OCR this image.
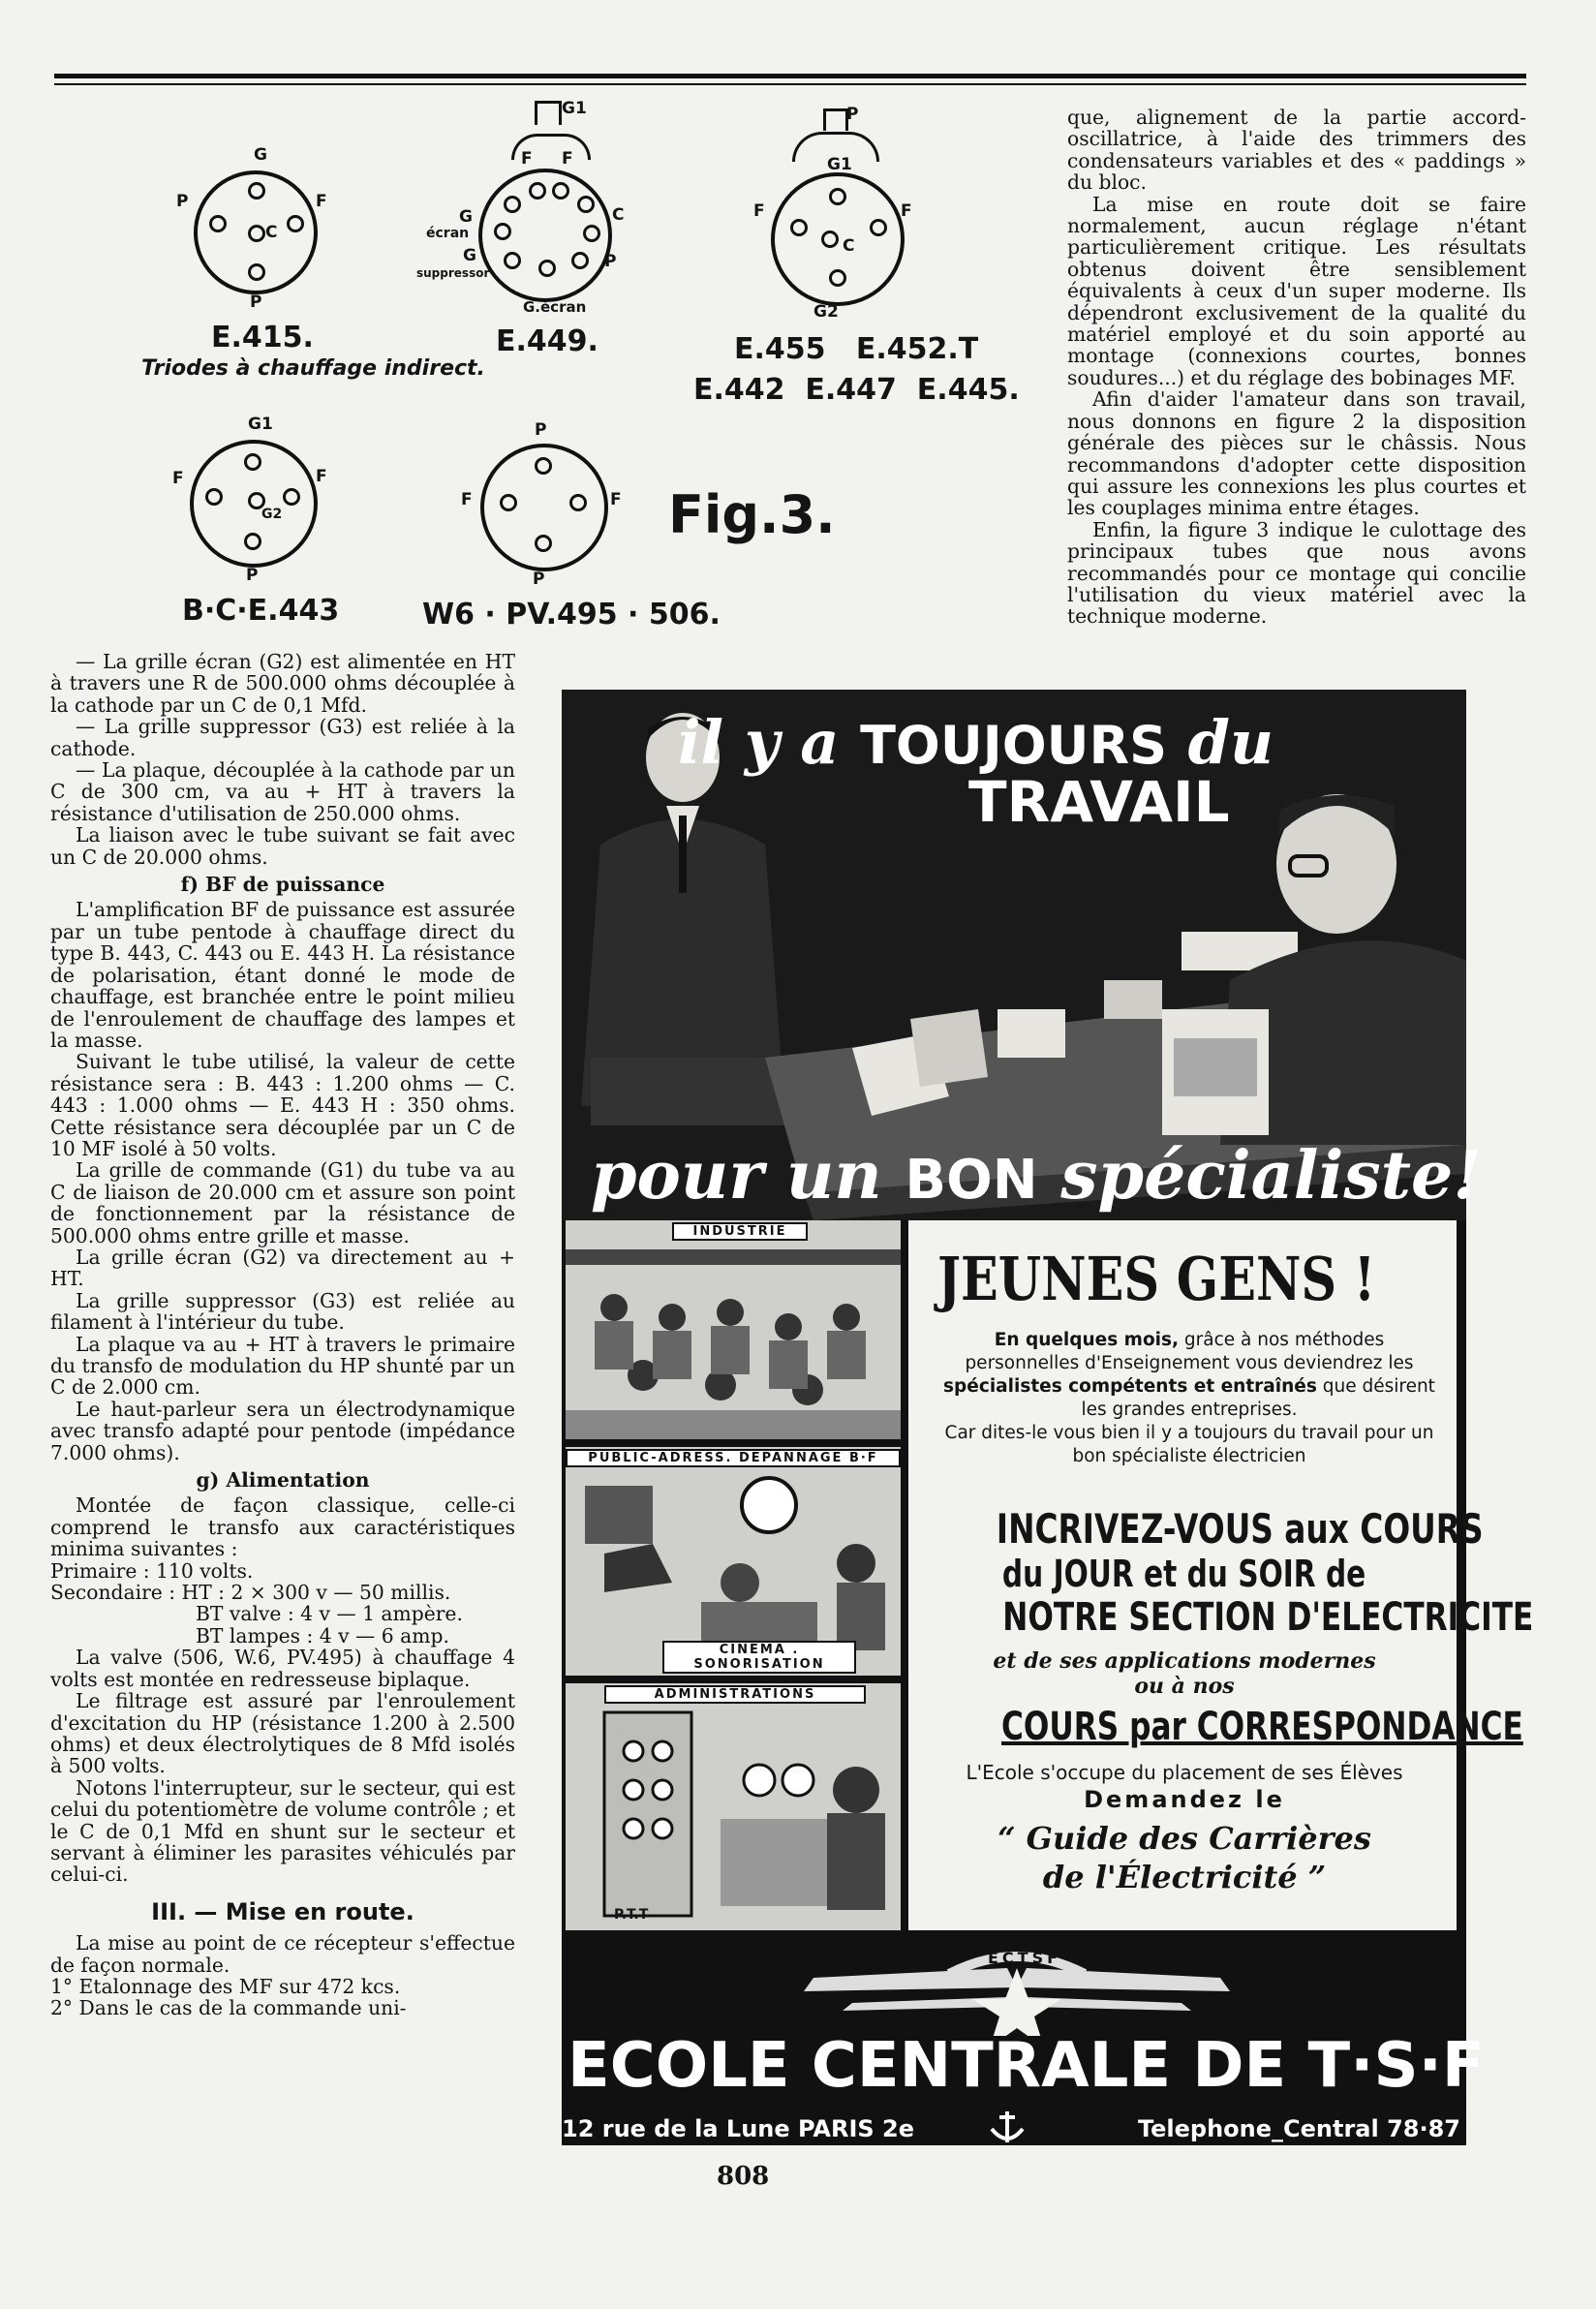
G
P	F
C
P
E.415.
Triodes à chauffage indirect.
G1
F F
G
écran
G
suppressor
C
P
G.écran
E.449.
P
G1
F	F
C
G2
E.455   E.452.T
E.442  E.447  E.445.
G1
F	F
G2
P
B·C·E.443
P
F	F
P
W6 · PV.495 · 506.
Fig.3.

que, alignement de la partie accord-oscillatrice, à l'aide des trimmers des condensateurs variables et des « paddings » du bloc.

La mise en route doit se faire normalement, aucun réglage n'étant particulièrement critique. Les résultats obtenus doivent être sensiblement équivalents à ceux d'un super moderne. Ils dépendront exclusivement de la qualité du matériel employé et du soin apporté au montage (connexions courtes, bonnes soudures...) et du réglage des bobinages MF.

Afin d'aider l'amateur dans son travail, nous donnons en figure 2 la disposition générale des pièces sur le châssis. Nous recommandons d'adopter cette disposition qui assure les connexions les plus courtes et les couplages minima entre étages.

Enfin, la figure 3 indique le culottage des principaux tubes que nous avons recommandés pour ce montage qui concilie l'utilisation du vieux matériel avec la technique moderne.

— La grille écran (G2) est alimentée en HT à travers une R de 500.000 ohms découplée à la cathode par un C de 0,1 Mfd.

— La grille suppressor (G3) est reliée à la cathode.

— La plaque, découplée à la cathode par un C de 300 cm, va au + HT à travers la résistance d'utilisation de 250.000 ohms.

La liaison avec le tube suivant se fait avec un C de 20.000 ohms.

f) BF de puissance

L'amplification BF de puissance est assurée par un tube pentode à chauffage direct du type B. 443, C. 443 ou E. 443 H. La résistance de polarisation, étant donné le mode de chauffage, est branchée entre le point milieu de l'enroulement de chauffage des lampes et la masse.

Suivant le tube utilisé, la valeur de cette résistance sera : B. 443 : 1.200 ohms — C. 443 : 1.000 ohms — E. 443 H : 350 ohms. Cette résistance sera découplée par un C de 10 MF isolé à 50 volts.

La grille de commande (G1) du tube va au C de liaison de 20.000 cm et assure son point de fonctionnement par la résistance de 500.000 ohms entre grille et masse.

La grille écran (G2) va directement au + HT.

La grille suppressor (G3) est reliée au filament à l'intérieur du tube.

La plaque va au + HT à travers le primaire du transfo de modulation du HP shunté par un C de 2.000 cm.

Le haut-parleur sera un électrodynamique avec transfo adapté pour pentode (impédance 7.000 ohms).

g) Alimentation

Montée de façon classique, celle-ci comprend le transfo aux caractéristiques minima suivantes :

Primaire : 110 volts.

Secondaire : HT : 2 × 300 v — 50 millis.

BT valve : 4 v — 1 ampère.

BT lampes : 4 v — 6 amp.

La valve (506, W.6, PV.495) à chauffage 4 volts est montée en redresseuse biplaque.

Le filtrage est assuré par l'enroulement d'excitation du HP (résistance 1.200 à 2.500 ohms) et deux électrolytiques de 8 Mfd isolés à 500 volts.

Notons l'interrupteur, sur le secteur, qui est celui du potentiomètre de volume contrôle ; et le C de 0,1 Mfd en shunt sur le secteur et servant à éliminer les parasites véhiculés par celui-ci.

III. — Mise en route.

La mise au point de ce récepteur s'effectue de façon normale.

1° Etalonnage des MF sur 472 kcs.

2° Dans le cas de la commande uni-

il y a TOUJOURS du
TRAVAIL
pour un BON spécialiste!
INDUSTRIE
PUBLIC-ADRESS. DEPANNAGE B·F
CINEMA . SONORISATION
ADMINISTRATIONS
P.T.T
JEUNES GENS !
En quelques mois, grâce à nos méthodes personnelles d'Enseignement vous deviendrez les spécialistes compétents et entraînés que désirent les grandes entreprises.
Car dites-le vous bien il y a toujours du travail pour un bon spécialiste électricien
INCRIVEZ-VOUS aux COURS
du JOUR et du SOIR de
NOTRE SECTION D'ELECTRICITE
et de ses applications modernes
ou à nos
COURS par CORRESPONDANCE
L'Ecole s'occupe du placement de ses Élèves
Demandez le
“ Guide des Carrières
de l'Électricité ”
ECTSF
ECOLE CENTRALE DE T·S·F
12 rue de la Lune PARIS 2e	Telephone_Central 78·87
808
